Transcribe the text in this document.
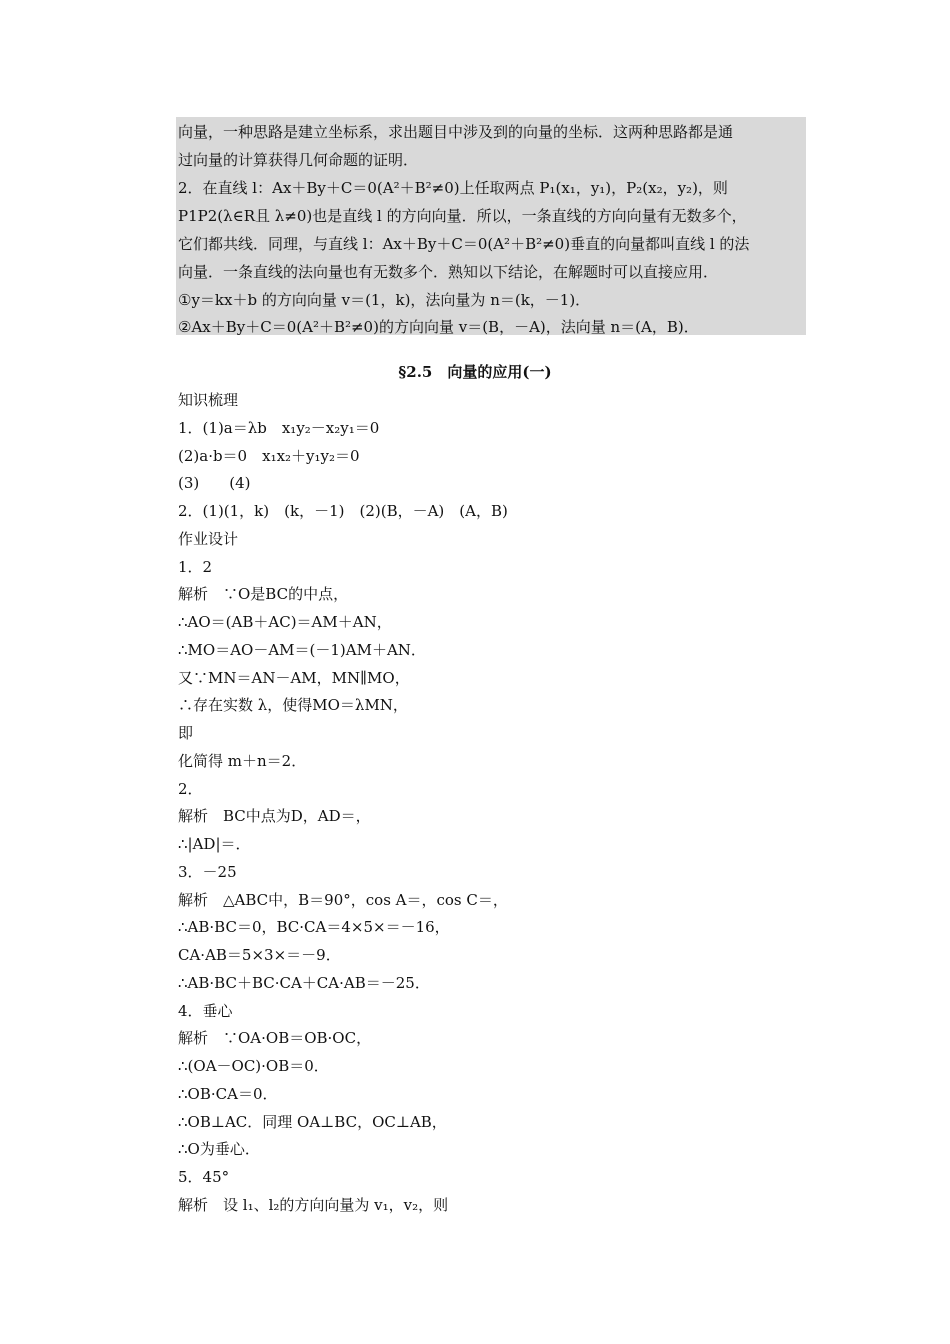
向量，一种思路是建立坐标系，求出题目中涉及到的向量的坐标．这两种思路都是通
过向量的计算获得几何命题的证明．
2．在直线 l：Ax＋By＋C＝0(A²＋B²≠0)上任取两点 P₁(x₁，y₁)，P₂(x₂，y₂)，则
P1P2(λ∈R且 λ≠0)也是直线 l 的方向向量．所以，一条直线的方向向量有无数多个，
它们都共线．同理，与直线 l：Ax＋By＋C＝0(A²＋B²≠0)垂直的向量都叫直线 l 的法
向量．一条直线的法向量也有无数多个．熟知以下结论，在解题时可以直接应用．
①y＝kx＋b 的方向向量 v＝(1，k)，法向量为 n＝(k，－1)．
②Ax＋By＋C＝0(A²＋B²≠0)的方向向量 v＝(B，－A)，法向量 n＝(A，B)．
§2.5　向量的应用(一)
知识梳理
1．(1)a＝λb　x₁y₂－x₂y₁＝0
(2)a·b＝0　x₁x₂＋y₁y₂＝0
(3)　　(4)
2．(1)(1，k)　(k，－1)　(2)(B，－A)　(A，B)
作业设计
1．2
解析　∵O是BC的中点，
∴AO＝(AB＋AC)＝AM＋AN，
∴MO＝AO－AM＝(－1)AM＋AN．
又∵MN＝AN－AM，MN∥MO，
∴存在实数 λ，使得MO＝λMN，
即
化简得 m＋n＝2．
2．
解析　BC中点为D，AD＝，
∴|AD|＝．
3．－25
解析　△ABC中，B＝90°，cos A＝，cos C＝，
∴AB·BC＝0，BC·CA＝4×5×＝－16，
CA·AB＝5×3×＝－9．
∴AB·BC＋BC·CA＋CA·AB＝－25．
4．垂心
解析　∵OA·OB＝OB·OC，
∴(OA－OC)·OB＝0．
∴OB·CA＝0．
∴OB⊥AC．同理 OA⊥BC，OC⊥AB，
∴O为垂心．
5．45°
解析　设 l₁、l₂的方向向量为 v₁，v₂，则
